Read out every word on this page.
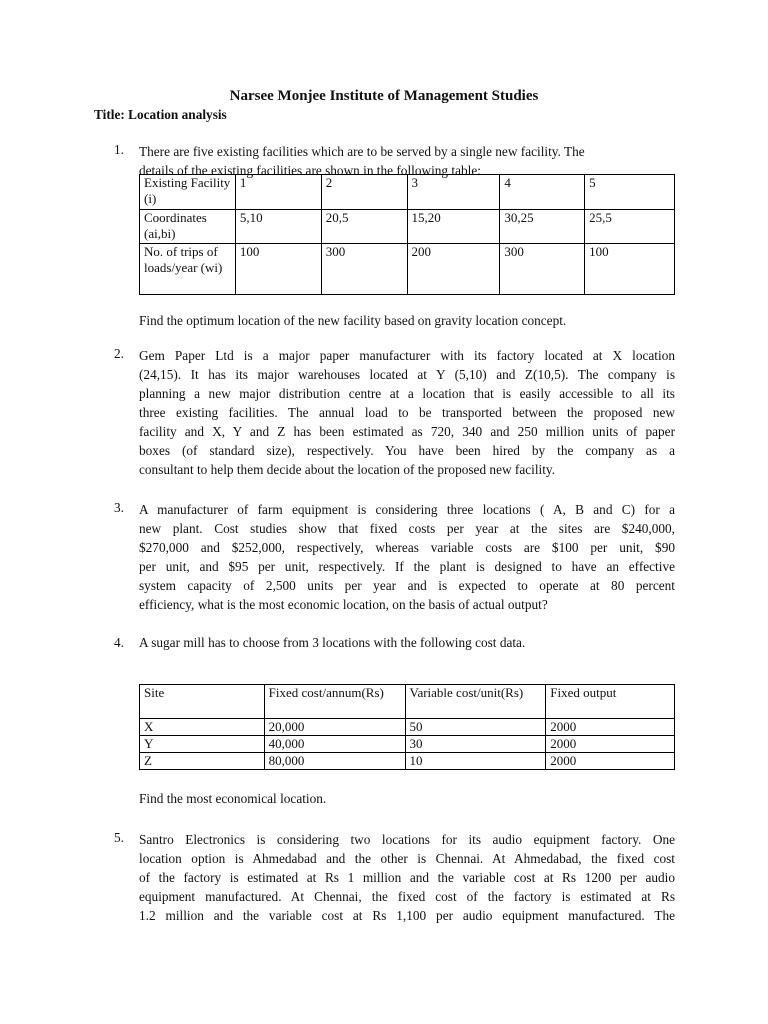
Narsee Monjee Institute of Management Studies
Title: Location analysis
1. There are five existing facilities which are to be served by a single new facility. The
details of the existing facilities are shown in the following table:
Existing Facility (i)	1	2	3	4	5
Coordinates (ai,bi)	5,10	20,5	15,20	30,25	25,5
No. of trips of loads/year (wi)	100	300	200	300	100
Find the optimum location of the new facility based on gravity location concept.
2. Gem Paper Ltd is a major paper manufacturer with its factory located at X location
(24,15). It has its major warehouses located at Y (5,10) and Z(10,5). The company is
planning a new major distribution centre at a location that is easily accessible to all its
three existing facilities. The annual load to be transported between the proposed new
facility and X, Y and Z has been estimated as 720, 340 and 250 million units of paper
boxes (of standard size), respectively. You have been hired by the company as a
consultant to help them decide about the location of the proposed new facility.
3. A manufacturer of farm equipment is considering three locations ( A, B and C) for a
new plant. Cost studies show that fixed costs per year at the sites are $240,000,
$270,000 and $252,000, respectively, whereas variable costs are $100 per unit, $90
per unit, and $95 per unit, respectively. If the plant is designed to have an effective
system capacity of 2,500 units per year and is expected to operate at 80 percent
efficiency, what is the most economic location, on the basis of actual output?
4. A sugar mill has to choose from 3 locations with the following cost data.
Site	Fixed cost/annum(Rs)	Variable cost/unit(Rs)	Fixed output
X	20,000	50	2000
Y	40,000	30	2000
Z	80,000	10	2000
Find the most economical location.
5. Santro Electronics is considering two locations for its audio equipment factory. One
location option is Ahmedabad and the other is Chennai. At Ahmedabad, the fixed cost
of the factory is estimated at Rs 1 million and the variable cost at Rs 1200 per audio
equipment manufactured. At Chennai, the fixed cost of the factory is estimated at Rs
1.2 million and the variable cost at Rs 1,100 per audio equipment manufactured. The
